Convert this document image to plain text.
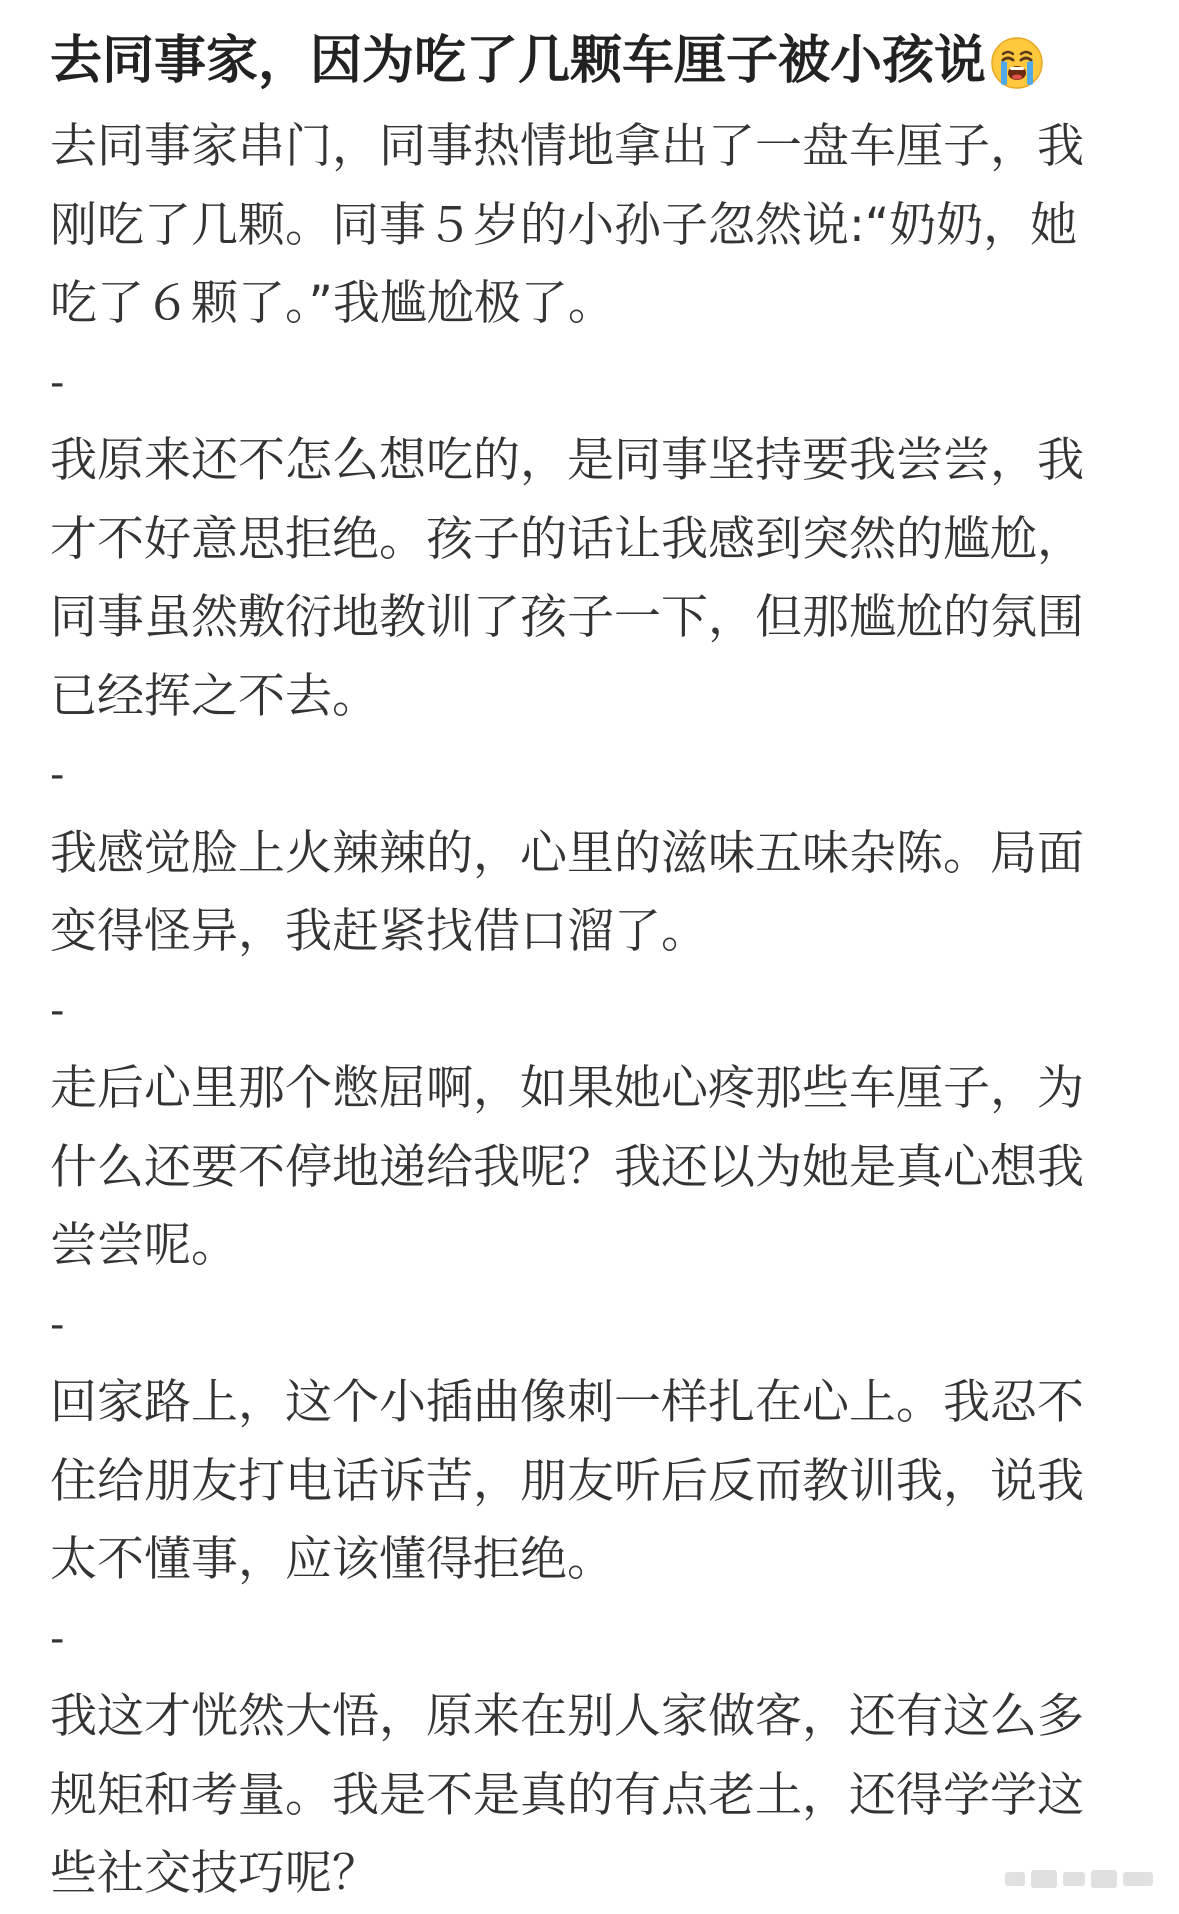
去同事家，因为吃了几颗车厘子被小孩说

去同事家串门，同事热情地拿出了一盘车厘子，我
刚吃了几颗。同事５岁的小孙子忽然说:“奶奶，她
吃了６颗了。”我尴尬极了。

-

我原来还不怎么想吃的，是同事坚持要我尝尝，我
才不好意思拒绝。孩子的话让我感到突然的尴尬，
同事虽然敷衍地教训了孩子一下，但那尴尬的氛围
已经挥之不去。

-

我感觉脸上火辣辣的，心里的滋味五味杂陈。局面
变得怪异，我赶紧找借口溜了。

-

走后心里那个憋屈啊，如果她心疼那些车厘子，为
什么还要不停地递给我呢？我还以为她是真心想我
尝尝呢。

-

回家路上，这个小插曲像刺一样扎在心上。我忍不
住给朋友打电话诉苦，朋友听后反而教训我，说我
太不懂事，应该懂得拒绝。

-

我这才恍然大悟，原来在别人家做客，还有这么多
规矩和考量。我是不是真的有点老土，还得学学这
些社交技巧呢？
